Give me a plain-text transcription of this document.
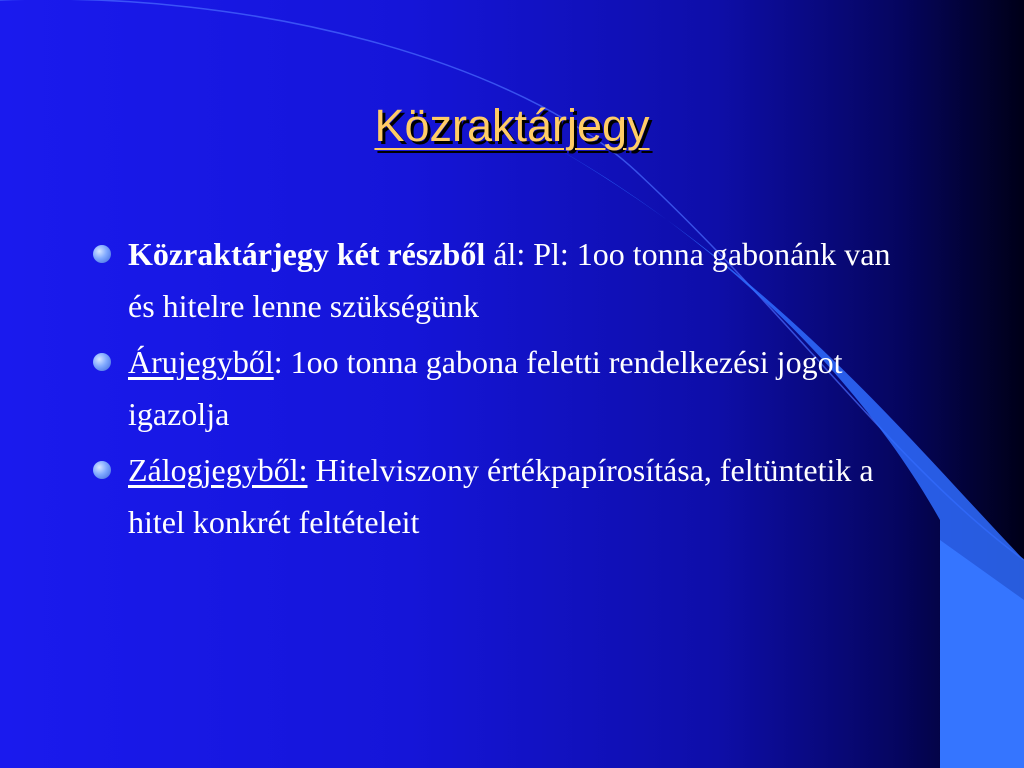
Közraktárjegy
Közraktárjegy két részből ál: Pl: 1oo tonna gabonánk van és hitelre lenne szükségünk
Árujegyből: 1oo tonna gabona feletti rendelkezési jogot igazolja
Zálogjegyből: Hitelviszony értékpapírosítása, feltüntetik a hitel konkrét feltételeit
